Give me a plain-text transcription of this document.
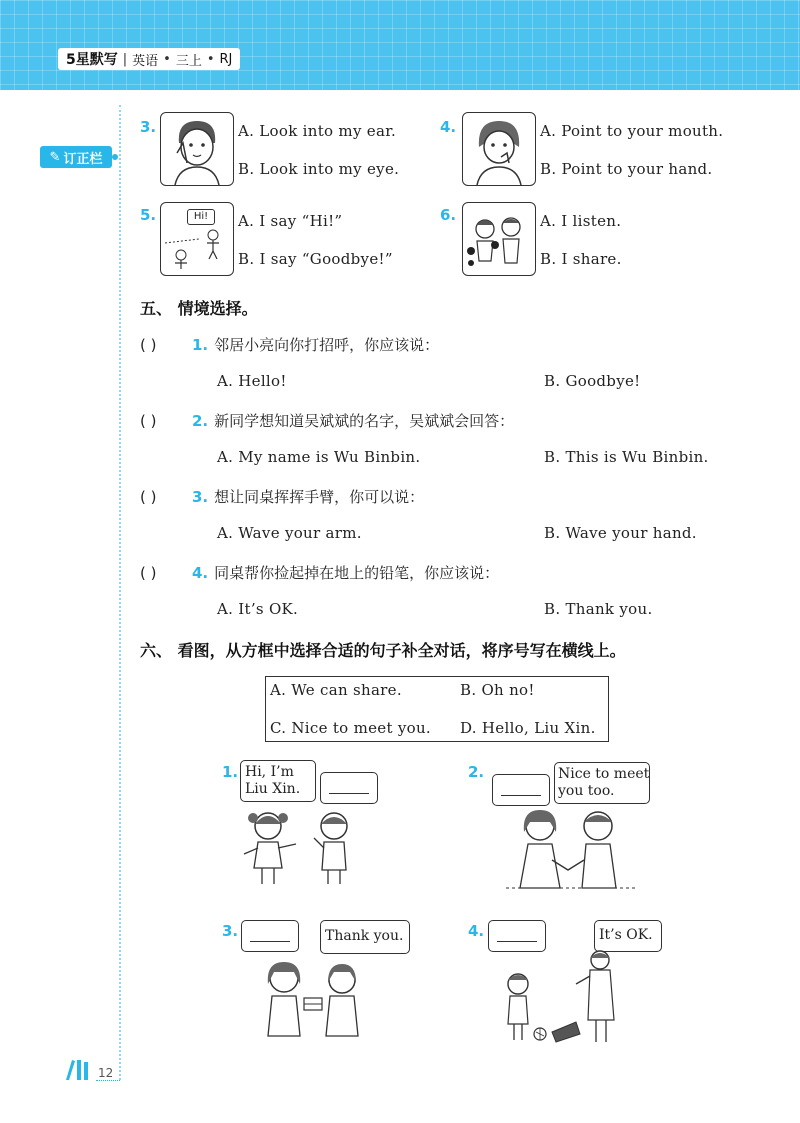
5星默写 | 英语 • 三上 • RJ
✎ 订正栏
3.	A. Look into my ear.
B. Look into my eye.
4.	A. Point to your mouth.
B. Point to your hand.
5.	Hi!	A. I say “Hi!”
B. I say “Goodbye!”
6.	A. I listen.
B. I share.
五、 情境选择。
( )	1. 邻居小亮向你打招呼，你应该说：
A. Hello!	B. Goodbye!
( )	2. 新同学想知道吴斌斌的名字，吴斌斌会回答：
A. My name is Wu Binbin.	B. This is Wu Binbin.
( )	3. 想让同桌挥挥手臂，你可以说：
A. Wave your arm.	B. Wave your hand.
( )	4. 同桌帮你捡起掉在地上的铅笔，你应该说：
A. It’s OK.	B. Thank you.
六、 看图，从方框中选择合适的句子补全对话，将序号写在横线上。
A. We can share.	B. Oh no!
C. Nice to meet you. D. Hello, Liu Xin.
1. Hi, I’m
Liu Xin.
2.	Nice to meet
you too.
3.	Thank you.	4.	It’s OK.
12
